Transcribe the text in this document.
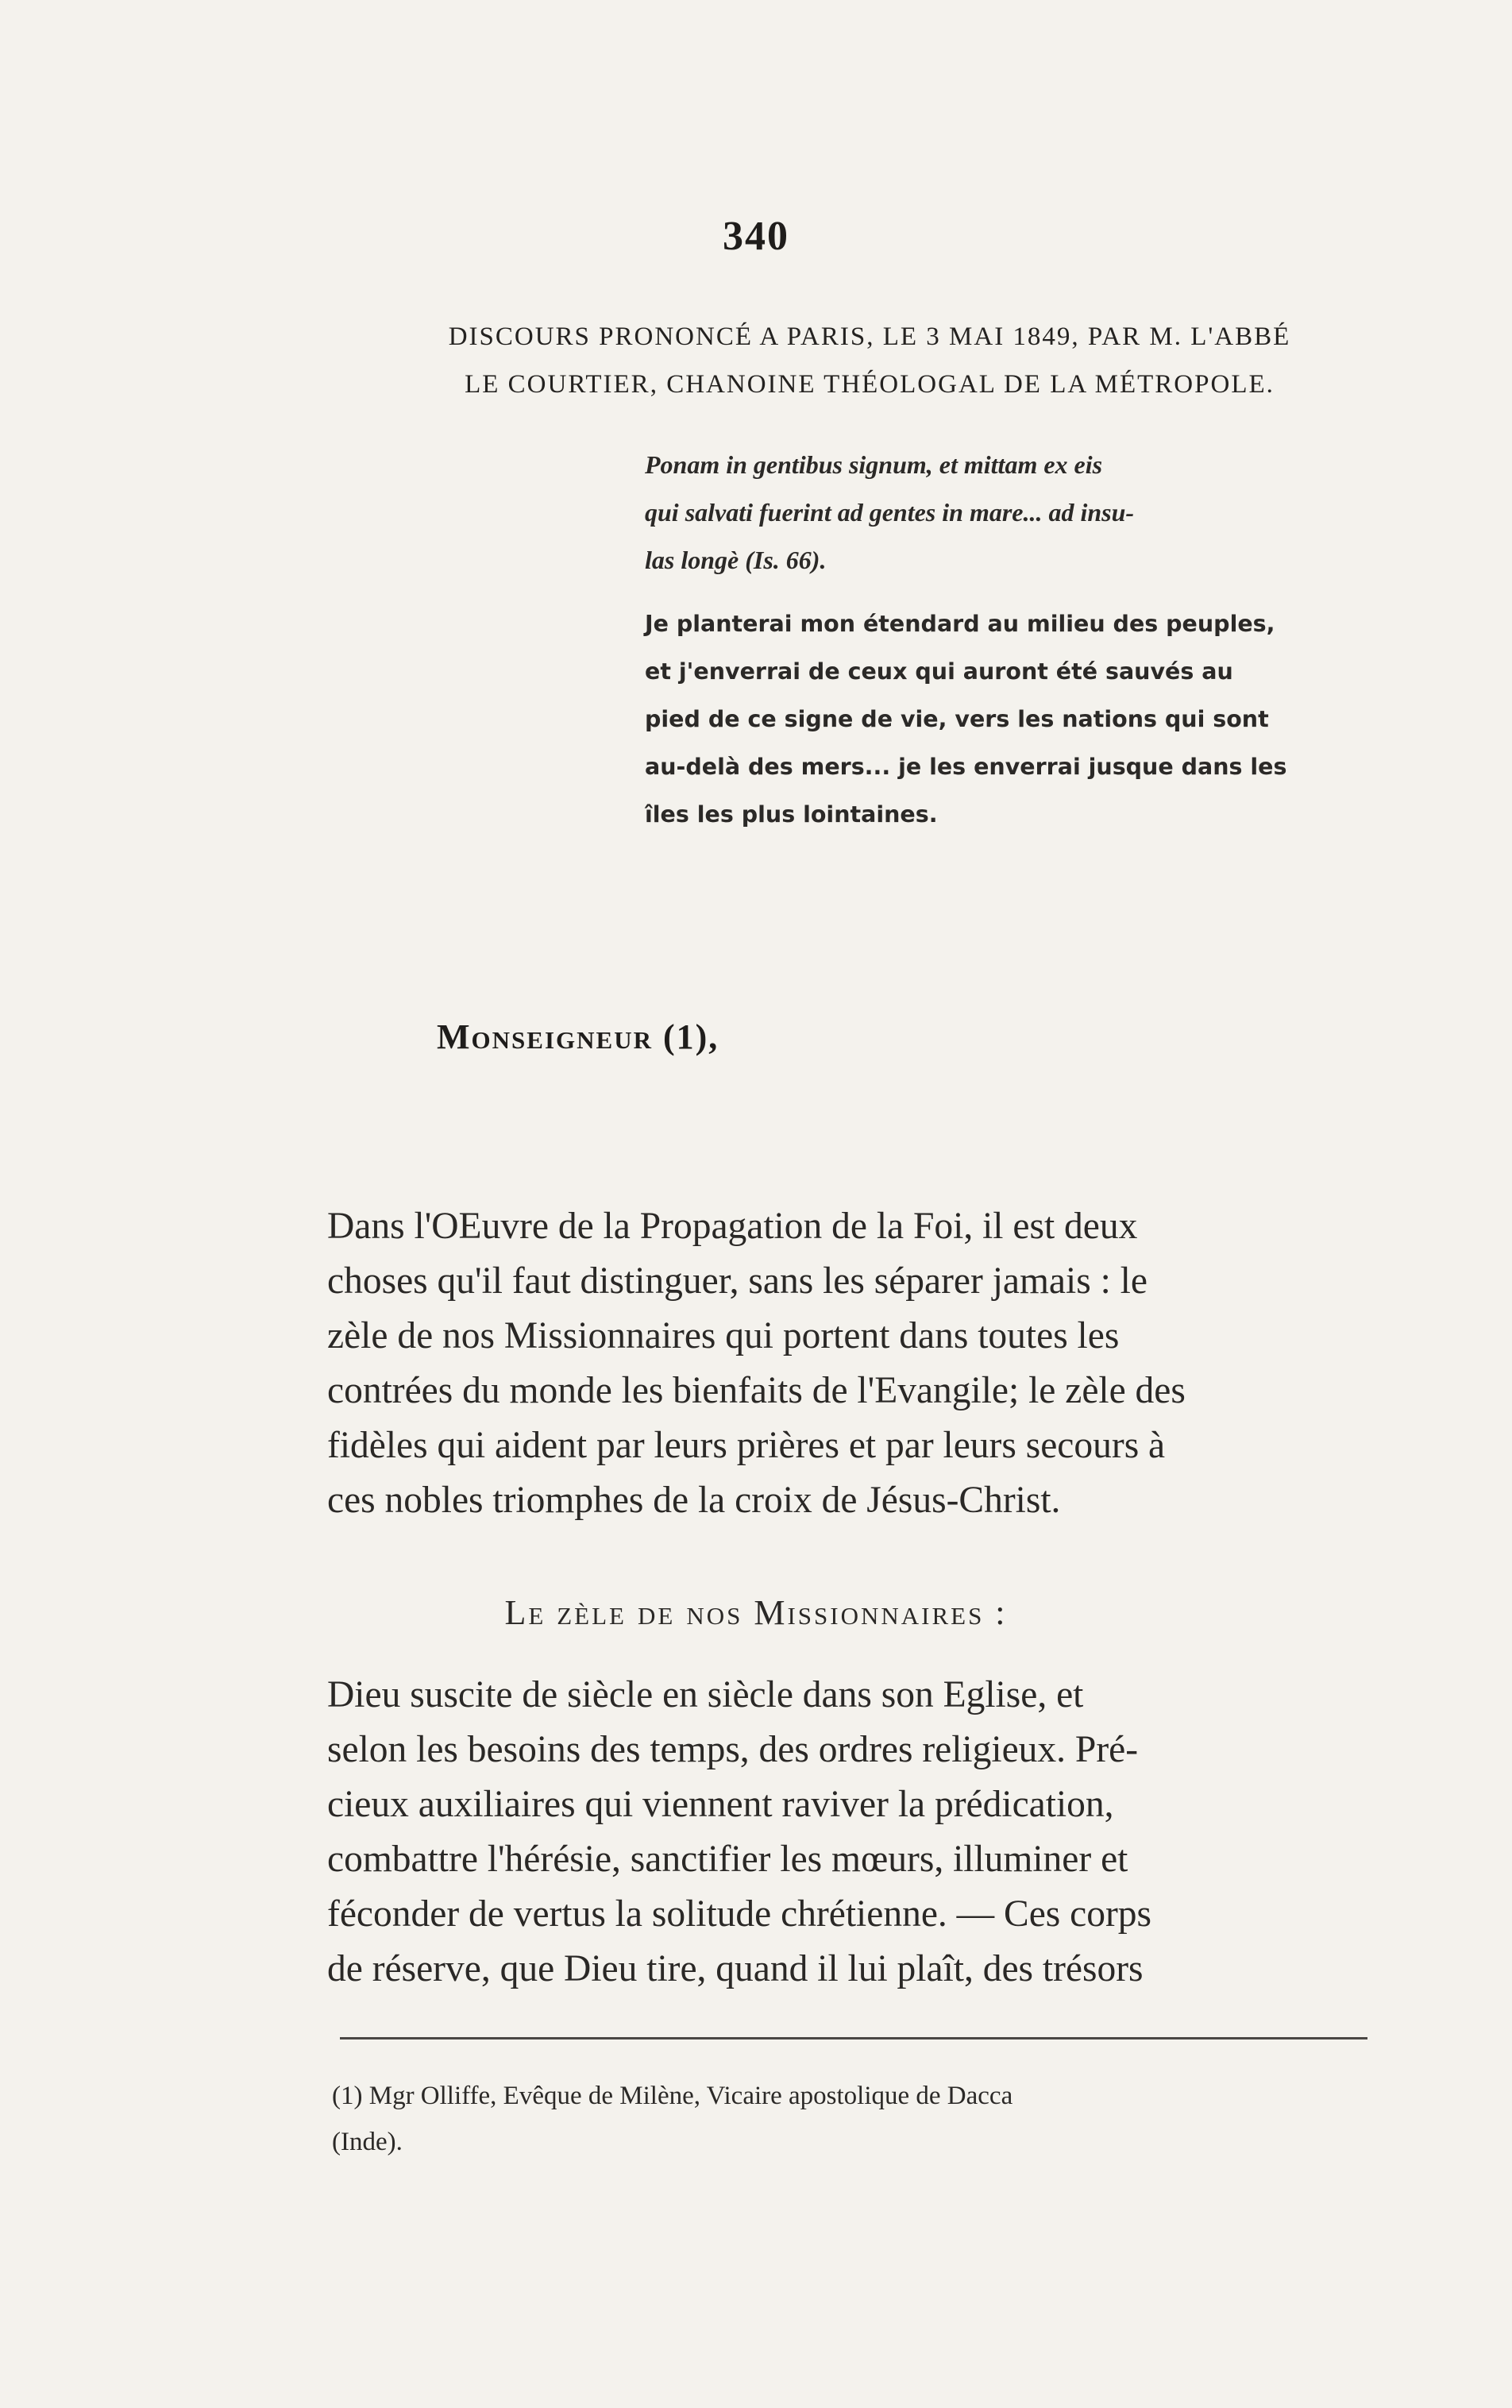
340
DISCOURS PRONONCÉ A PARIS, LE 3 MAI 1849, PAR M. L'ABBÉ
LE COURTIER, CHANOINE THÉOLOGAL DE LA MÉTROPOLE.
Ponam in gentibus signum, et mittam ex eis
qui salvati fuerint ad gentes in mare... ad insu-
las longè (Is. 66).
Je planterai mon étendard au milieu des peuples,
et j'enverrai de ceux qui auront été sauvés au
pied de ce signe de vie, vers les nations qui sont
au-delà des mers... je les enverrai jusque dans les
îles les plus lointaines.
Monseigneur (1),
Dans l'OEuvre de la Propagation de la Foi, il est deux
choses qu'il faut distinguer, sans les séparer jamais : le
zèle de nos Missionnaires qui portent dans toutes les
contrées du monde les bienfaits de l'Evangile; le zèle des
fidèles qui aident par leurs prières et par leurs secours à
ces nobles triomphes de la croix de Jésus-Christ.
Le zèle de nos Missionnaires :
Dieu suscite de siècle en siècle dans son Eglise, et
selon les besoins des temps, des ordres religieux. Pré-
cieux auxiliaires qui viennent raviver la prédication,
combattre l'hérésie, sanctifier les mœurs, illuminer et
féconder de vertus la solitude chrétienne. — Ces corps
de réserve, que Dieu tire, quand il lui plaît, des trésors
(1) Mgr Olliffe, Evêque de Milène, Vicaire apostolique de Dacca
(Inde).
